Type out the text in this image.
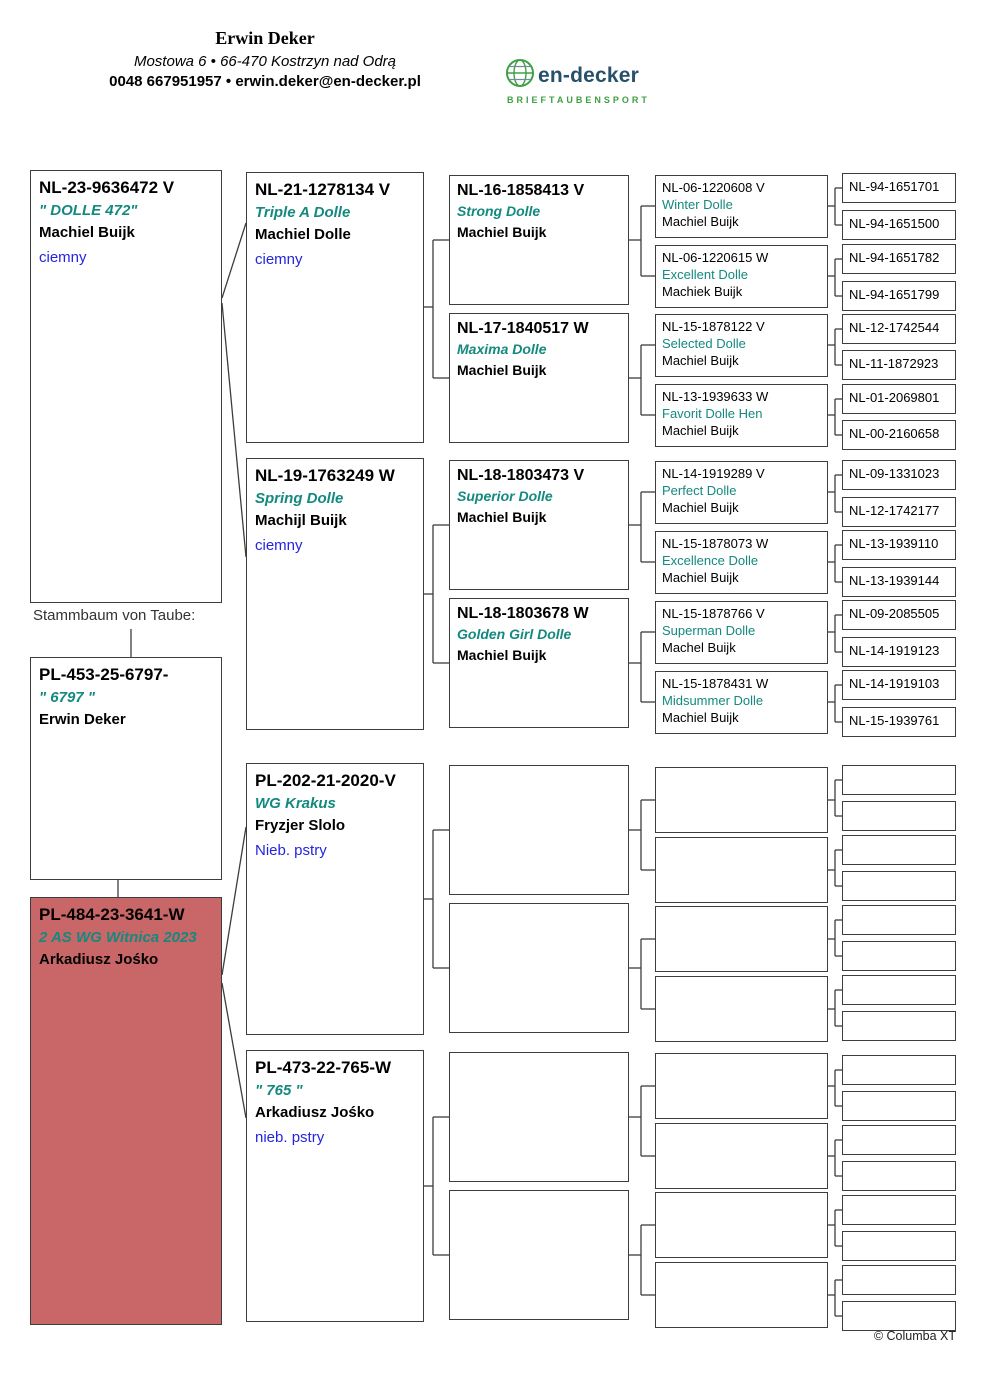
Erwin Deker
Mostowa 6 • 66-470 Kostrzyn nad Odrą
0048 667951957 • erwin.deker@en-decker.pl	en-decker
BRIEFTAUBENSPORT
NL-23-9636472 V
" DOLLE 472"
Machiel Buijk
ciemny
Stammbaum von Taube:
PL-453-25-6797-
" 6797 "
Erwin Deker
PL-484-23-3641-W
2 AS WG Witnica 2023
Arkadiusz Jośko
NL-21-1278134 V
Triple A Dolle
Machiel Dolle
ciemny
NL-19-1763249 W
Spring Dolle
Machijl Buijk
ciemny
PL-202-21-2020-V
WG Krakus
Fryzjer Slolo
Nieb. pstry
PL-473-22-765-W
" 765 "
Arkadiusz Jośko
nieb. pstry
NL-16-1858413 V
Strong Dolle
Machiel Buijk
NL-17-1840517 W
Maxima Dolle
Machiel Buijk
NL-18-1803473 V
Superior Dolle
Machiel Buijk
NL-18-1803678 W
Golden Girl Dolle
Machiel Buijk
NL-06-1220608 V
Winter Dolle
Machiel Buijk
NL-06-1220615 W
Excellent Dolle
Machiek Buijk
NL-15-1878122 V
Selected Dolle
Machiel Buijk
NL-13-1939633 W
Favorit Dolle Hen
Machiel Buijk
NL-14-1919289 V
Perfect Dolle
Machiel Buijk
NL-15-1878073 W
Excellence Dolle
Machiel Buijk
NL-15-1878766 V
Superman Dolle
Machel Buijk
NL-15-1878431 W
Midsummer Dolle
Machiel Buijk
NL-94-1651701
NL-94-1651500
NL-94-1651782
NL-94-1651799
NL-12-1742544
NL-11-1872923
NL-01-2069801
NL-00-2160658
NL-09-1331023
NL-12-1742177
NL-13-1939110
NL-13-1939144
NL-09-2085505
NL-14-1919123
NL-14-1919103
NL-15-1939761
© Columba XT
